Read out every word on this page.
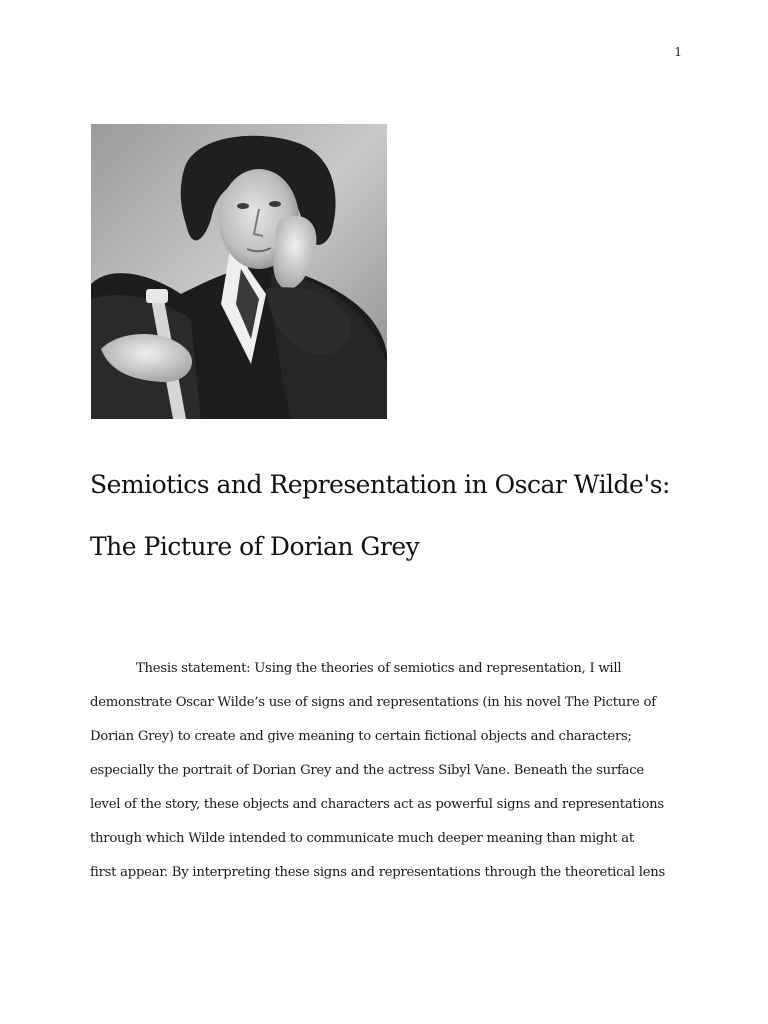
1
Semiotics and Representation in Oscar Wilde's:
The Picture of Dorian Grey

Thesis statement: Using the theories of semiotics and representation, I will
demonstrate Oscar Wilde’s use of signs and representations (in his novel The Picture of
Dorian Grey) to create and give meaning to certain fictional objects and characters;
especially the portrait of Dorian Grey and the actress Sibyl Vane. Beneath the surface
level of the story, these objects and characters act as powerful signs and representations
through which Wilde intended to communicate much deeper meaning than might at
first appear. By interpreting these signs and representations through the theoretical lens
